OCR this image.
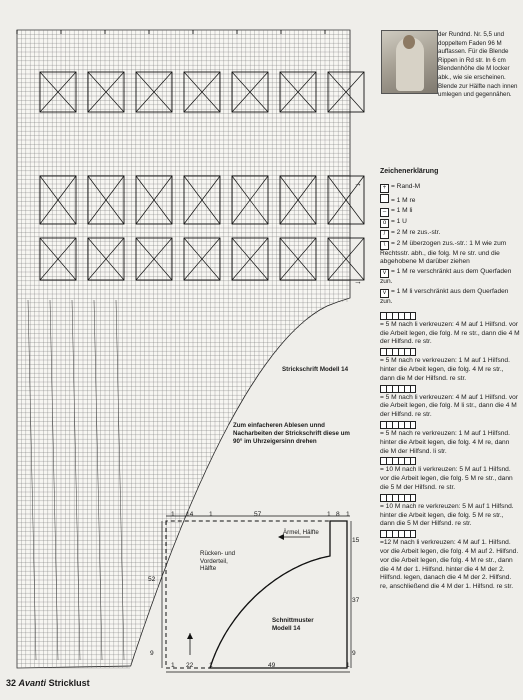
der Rundnd. Nr. 5,5 und doppeltem Faden 96 M auffassen. Für die Blende Rippen in Rd str. In 6 cm Blendenhöhe die M locker abk., wie sie erscheinen. Blende zur Hälfte nach innen umlegen und gegennähen.
Strickschrift Modell 14
Zum einfacheren Ablesen unnd Nacharbeiten der Strickschrift diese um 90° im Uhrzeigersinn drehen
→
→
Zeichenerklärung
+ = Rand-M
= 1 M re
– = 1 M li
o = 1 U
/ = 2 M re zus.-str.
\ = 2 M überzogen zus.-str.: 1 M wie zum Rechtsstr. abh., die folg. M re str. und die abgehobene M darüber ziehen
v = 1 M re verschränkt aus dem Querfaden zun.
v = 1 M li verschränkt aus dem Querfaden zun.
= 5 M nach li verkreuzen: 4 M auf 1 Hilfsnd. vor die Arbeit legen, die folg. M re str., dann die 4 M der Hilfsnd. re str.
= 5 M nach re verkreuzen: 1 M auf 1 Hilfsnd. hinter die Arbeit legen, die folg. 4 M re str., dann die M der Hilfsnd. re str.
= 5 M nach li verkreuzen: 4 M auf 1 Hilfsnd. vor die Arbeit legen, die folg. M li str., dann die 4 M der Hilfsnd. re str.
= 5 M nach re verkreuzen: 1 M auf 1 Hilfsnd. hinter die Arbeit legen, die folg. 4 M re, dann die M der Hilfsnd. li str.
= 10 M nach li verkreuzen: 5 M auf 1 Hilfsnd. vor die Arbeit legen, die folg. 5 M re str., dann die 5 M der Hilfsnd. re str.
= 10 M nach re verkreuzen: 5 M auf 1 Hilfsnd. hinter die Arbeit legen, die folg. 5 M re str., dann die 5 M der Hilfsnd. re str.
=12 M nach li verkreuzen: 4 M auf 1. Hilfsnd. vor die Arbeit legen, die folg. 4 M auf 2. Hilfsnd. vor die Arbeit legen, die folg. 4 M re str., dann die 4 M der 1. Hilfsnd. hinter die 4 M der 2. Hilfsnd. legen, danach die 4 M der 2. Hilfsnd. re, anschließend die 4 M der 1. Hilfsnd. re str.
Ärmel, Hälfte
Rücken- und Vorderteil, Hälfte
Schnittmuster Modell 14
1 14 1	57	1 8 1
1 22 1	49	1
15
37
9
52
9
32 Avanti Stricklust
